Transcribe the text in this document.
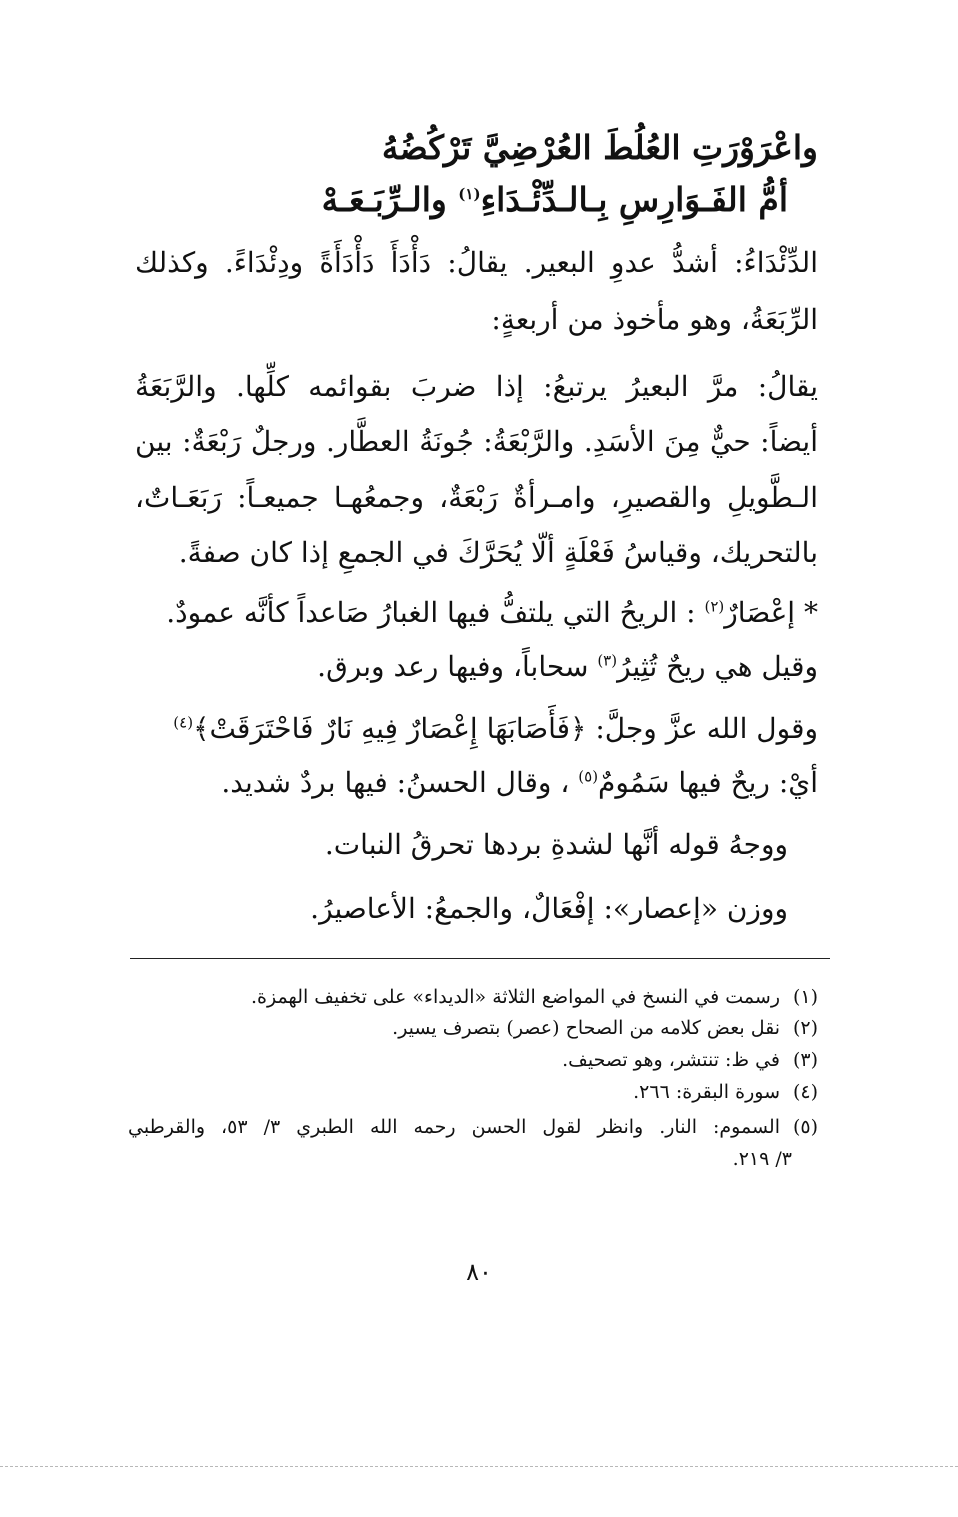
واعْرَوْرَتِ العُلُطَ العُرْضِيَّ تَرْكُضُهُ
أمُّ الفَـوَارِسِ بِـالـدِّئْـدَاءِ$^{(١)}$ والـرِّبَـعَـهْ
الدِّئْدَاءُ: أشدُّ عدوِ البعير. يقالُ: دَأْدَأَ دَأْدَأَةً ودِئْدَاءً. وكذلك
الرِّبَعَةُ، وهو مأخوذ من أربعةٍ:
يقالُ: مرَّ البعيرُ يرتبعُ: إذا ضربَ بقوائمه كلِّها. والرَّبَعَةُ
أيضاً: حيٌّ مِنَ الأسَدِ. والرَّبْعَةُ: جُونَةُ العطَّار. ورجلٌ رَبْعَةٌ: بين
الـطَّويلِ والقصيرِ، وامـرأةٌ رَبْعَةٌ، وجمعُهـا جميعـاً: رَبَعَـاتٌ،
بالتحريك، وقياسُ فَعْلَةٍ ألّا يُحَرَّكَ في الجمعِ إذا كان صفةً.
* إعْصَارٌ$^{(٢)}$ : الريحُ التي يلتفُّ فيها الغبارُ صَاعداً كأنَّه عمودٌ.
وقيل هي ريحٌ تُثِيرُ$^{(٣)}$ سحاباً، وفيها رعد وبرق.
وقول الله عزَّ وجلَّ: ﴿فَأَصَابَهَا إِعْصَارٌ فِيهِ نَارٌ فَاحْتَرَقَتْ﴾$^{(٤)}$
أيْ: ريحٌ فيها سَمُومٌ$^{(٥)}$ ، وقال الحسنُ: فيها بردٌ شديد.
ووجهُ قوله أنَّها لشدةِ بردها تحرقُ النبات.
ووزن «إعصار»: إفْعَالٌ، والجمعُ: الأعاصيرُ.
(١)رسمت في النسخ في المواضع الثلاثة «الديداء» على تخفيف الهمزة.
(٢)نقل بعض كلامه من الصحاح (عصر) بتصرف يسير.
(٣)في ظ: تنتشر، وهو تصحيف.
(٤)سورة البقرة: ٢٦٦.
(٥)السموم: النار. وانظر لقول الحسن رحمه الله الطبري ٣/ ٥٣، والقرطبي
٣/ ٢١٩.
٨٠
